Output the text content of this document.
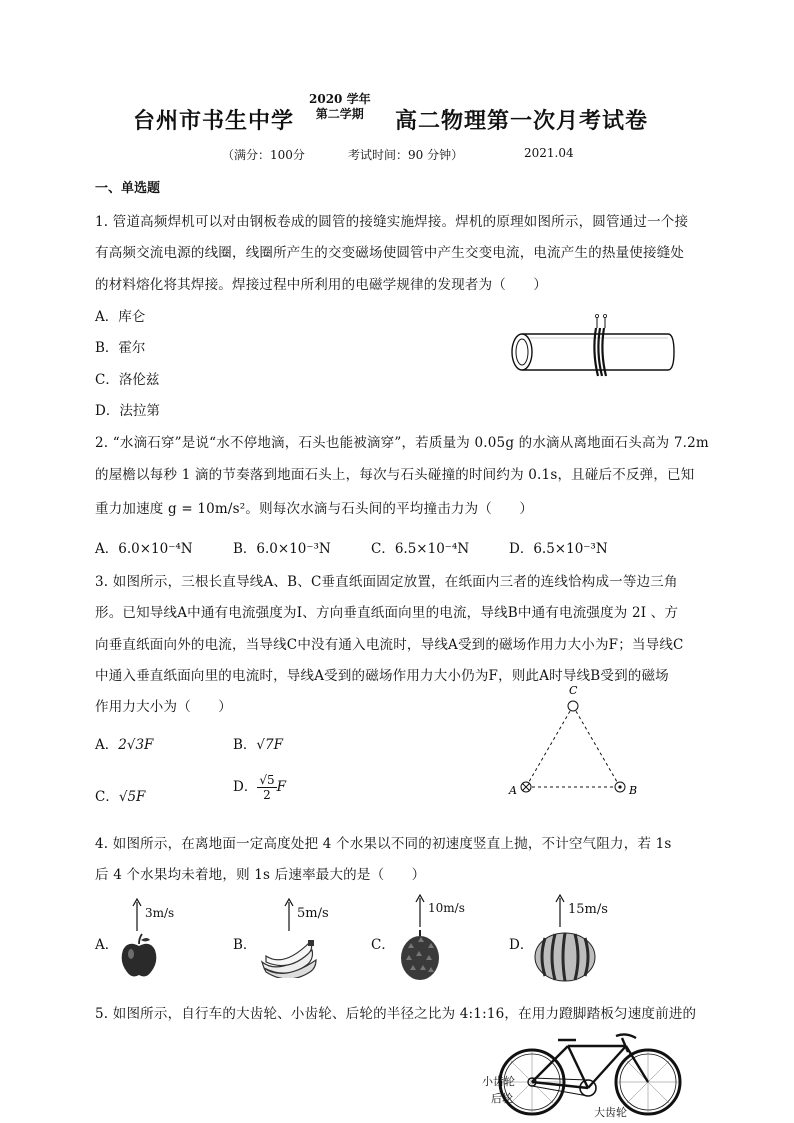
台州市书生中学
2020 学年
第二学期	高二物理第一次月考试卷
（满分：100分	考试时间：90 分钟）	2021.04
一、单选题
1. 管道高频焊机可以对由钢板卷成的圆管的接缝实施焊接。焊机的原理如图所示，圆管通过一个接
有高频交流电源的线圈，线圈所产生的交变磁场使圆管中产生交变电流，电流产生的热量使接缝处
的材料熔化将其焊接。焊接过程中所利用的电磁学规律的发现者为（　　）
A．库仑
B．霍尔
C．洛伦兹
D．法拉第
2. “水滴石穿”是说“水不停地滴，石头也能被滴穿”，若质量为 0.05g 的水滴从离地面石头高为 7.2m
的屋檐以每秒 1 滴的节奏落到地面石头上，每次与石头碰撞的时间约为 0.1s，且碰后不反弹，已知
重力加速度 g = 10m/s²。则每次水滴与石头间的平均撞击力为（　　）
A．6.0×10⁻⁴N	B．6.0×10⁻³N	C．6.5×10⁻⁴N	D．6.5×10⁻³N
3. 如图所示，三根长直导线A、B、C垂直纸面固定放置，在纸面内三者的连线恰构成一等边三角
形。已知导线A中通有电流强度为I、方向垂直纸面向里的电流，导线B中通有电流强度为 2I 、方
向垂直纸面向外的电流，当导线C中没有通入电流时，导线A受到的磁场作用力大小为F；当导线C
中通入垂直纸面向里的电流时，导线A受到的磁场作用力大小仍为F，则此A时导线B受到的磁场
作用力大小为（　　）
A．2√3F	B．√7F
C．√5F
D． $\frac{√5}{2}$ F
C
A	B
4. 如图所示，在离地面一定高度处把 4 个水果以不同的初速度竖直上抛，不计空气阻力，若 1s
后 4 个水果均未着地，则 1s 后速率最大的是（　　）
A．	B．	C．	D．
3m/s	5m/s	10m/s	15m/s
5. 如图所示，自行车的大齿轮、小齿轮、后轮的半径之比为 4:1:16，在用力蹬脚踏板匀速度前进的
小齿轮
后轮
大齿轮
